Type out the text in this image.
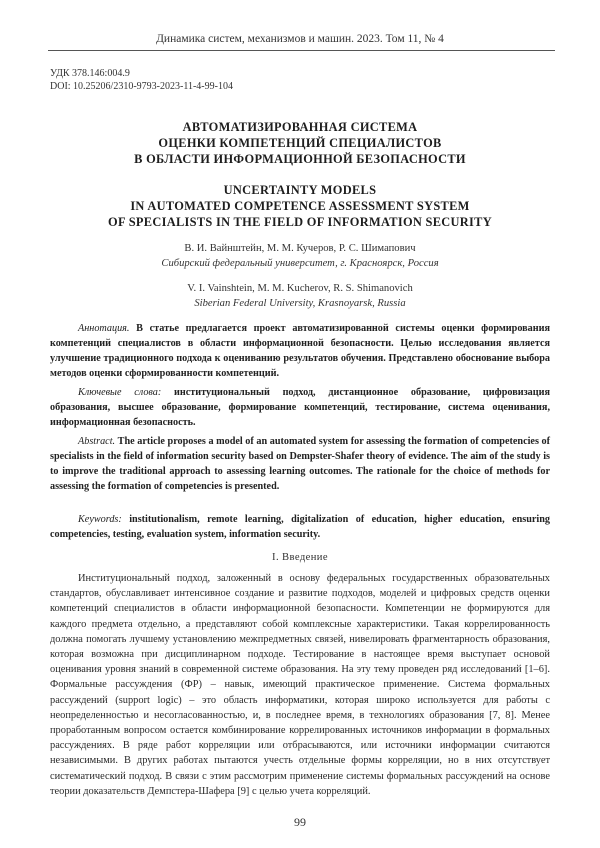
Динамика систем, механизмов и машин. 2023. Том 11, № 4
УДК 378.146:004.9
DOI: 10.25206/2310-9793-2023-11-4-99-104
АВТОМАТИЗИРОВАННАЯ СИСТЕМА
ОЦЕНКИ КОМПЕТЕНЦИЙ СПЕЦИАЛИСТОВ
В ОБЛАСТИ ИНФОРМАЦИОННОЙ БЕЗОПАСНОСТИ
UNCERTAINTY MODELS
IN AUTOMATED COMPETENCE ASSESSMENT SYSTEM
OF SPECIALISTS IN THE FIELD OF INFORMATION SECURITY
В. И. Вайнштейн, М. М. Кучеров, Р. С. Шимапович
Сибирский федеральный университет, г. Красноярск, Россия
V. I. Vainshtein, M. M. Kucherov, R. S. Shimanovich
Siberian Federal University, Krasnoyarsk, Russia
Аннотация. В статье предлагается проект автоматизированной системы оценки формирования компетенций специалистов в области информационной безопасности. Целью исследования является улучшение традиционного подхода к оцениванию результатов обучения. Представлено обоснование выбора методов оценки сформированности компетенций.
Ключевые слова: институциональный подход, дистанционное образование, цифровизация образования, высшее образование, формирование компетенций, тестирование, система оценивания, информационная безопасность.
Abstract. The article proposes a model of an automated system for assessing the formation of competencies of specialists in the field of information security based on Dempster-Shafer theory of evidence. The aim of the study is to improve the traditional approach to assessing learning outcomes. The rationale for the choice of methods for assessing the formation of competencies is presented.
Keywords: institutionalism, remote learning, digitalization of education, higher education, ensuring competencies, testing, evaluation system, information security.
I. Введение
Институциональный подход, заложенный в основу федеральных государственных образовательных стандартов, обуславливает интенсивное создание и развитие подходов, моделей и цифровых средств оценки компетенций специалистов в области информационной безопасности. Компетенции не формируются для каждого предмета отдельно, а представляют собой комплексные характеристики. Такая коррелированность должна помогать лучшему установлению межпредметных связей, нивелировать фрагментарность образования, которая возможна при дисциплинарном подходе. Тестирование в настоящее время выступает основой оценивания уровня знаний в современной системе образования. На эту тему проведен ряд исследований [1–6]. Формальные рассуждения (ФР) – навык, имеющий практическое применение. Система формальных рассуждений (support logic) – это область информатики, которая широко используется для работы с неопределенностью и несогласованностью, и, в последнее время, в технологиях образования [7, 8]. Менее проработанным вопросом остается комбинирование коррелированных источников информации в формальных рассуждениях. В ряде работ корреляции или отбрасываются, или источники информации считаются независимыми. В других работах пытаются учесть отдельные формы корреляции, но в них отсутствует систематический подход. В связи с этим рассмотрим применение системы формальных рассуждений на основе теории доказательств Демпстера-Шафера [9] с целью учета корреляций.
99
